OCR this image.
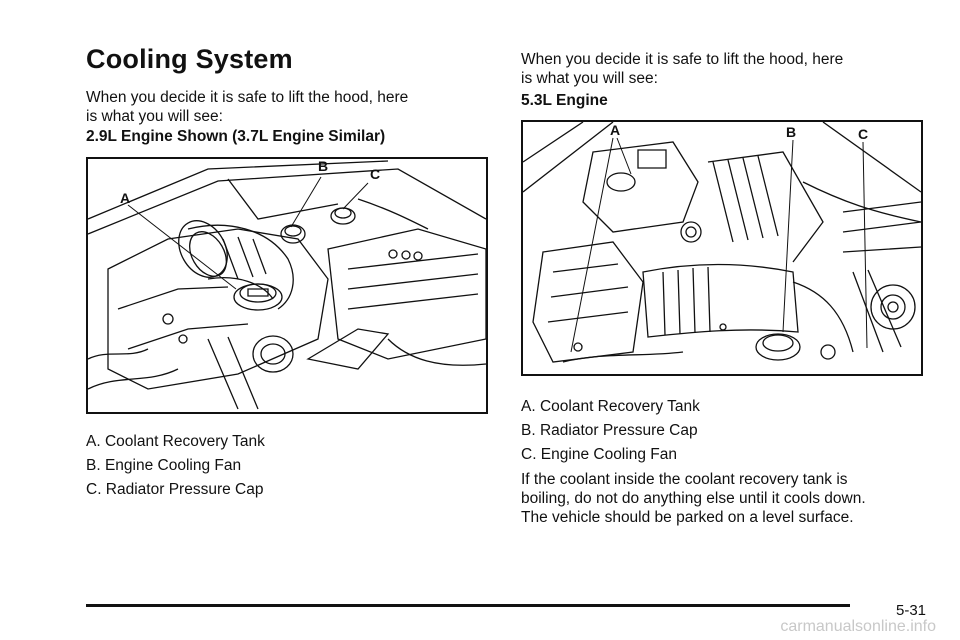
Cooling System
When you decide it is safe to lift the hood, here is what you will see:
2.9L Engine Shown (3.7L Engine Similar)
A
B	C
A. Coolant Recovery Tank
B. Engine Cooling Fan
C. Radiator Pressure Cap
When you decide it is safe to lift the hood, here is what you will see:
5.3L Engine
A	B	C
A. Coolant Recovery Tank
B. Radiator Pressure Cap
C. Engine Cooling Fan
If the coolant inside the coolant recovery tank is boiling, do not do anything else until it cools down. The vehicle should be parked on a level surface.
5-31
carmanualsonline.info
